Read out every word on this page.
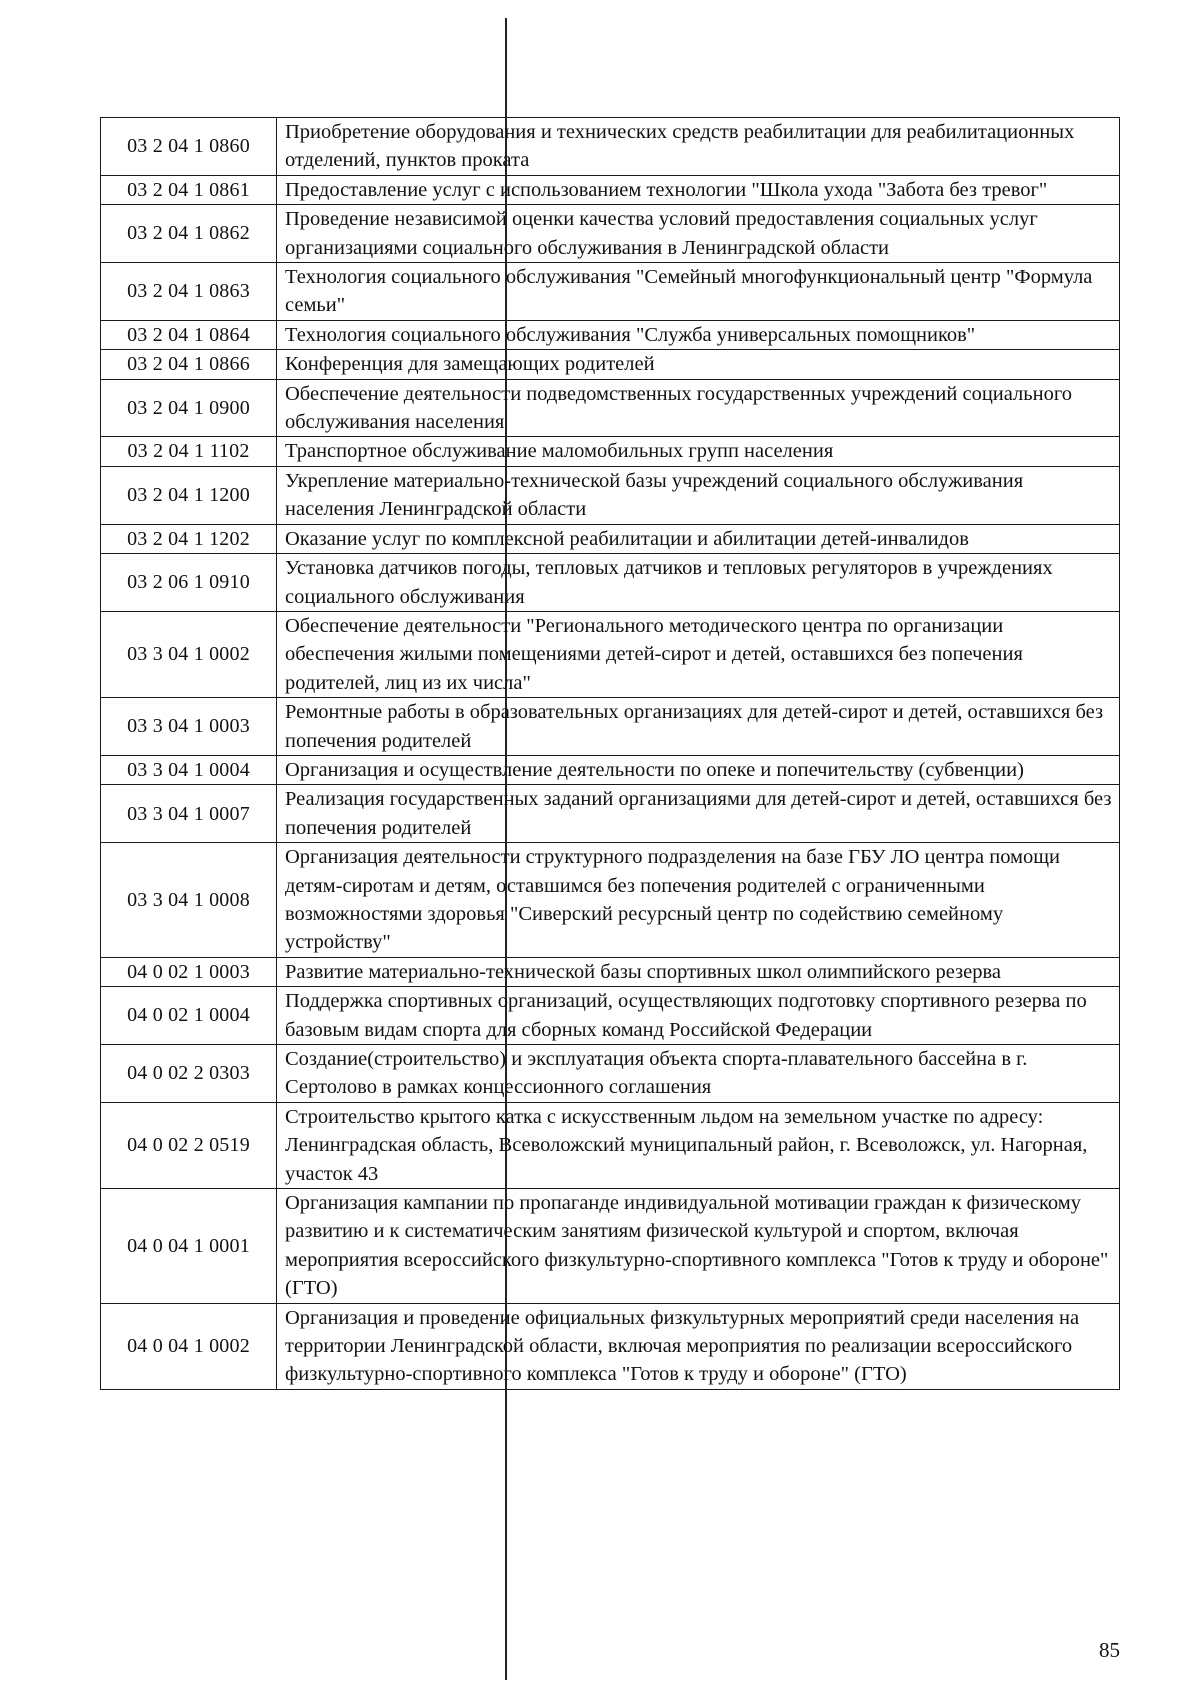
03 2 04 1 0860	Приобретение оборудования и технических средств реабилитации для реабилитационных отделений, пунктов проката
03 2 04 1 0861	Предоставление услуг с использованием технологии "Школа ухода "Забота без тревог"
03 2 04 1 0862	Проведение независимой оценки качества условий предоставления социальных услуг организациями социального обслуживания в Ленинградской области
03 2 04 1 0863	Технология социального обслуживания "Семейный многофункциональный центр "Формула семьи"
03 2 04 1 0864	Технология социального обслуживания "Служба универсальных помощников"
03 2 04 1 0866	Конференция для замещающих родителей
03 2 04 1 0900	Обеспечение деятельности подведомственных государственных учреждений социального обслуживания населения
03 2 04 1 1102	Транспортное обслуживание маломобильных групп населения
03 2 04 1 1200	Укрепление материально-технической базы учреждений социального обслуживания населения Ленинградской области
03 2 04 1 1202	Оказание услуг по комплексной реабилитации и абилитации детей-инвалидов
03 2 06 1 0910	Установка датчиков погоды, тепловых датчиков и тепловых регуляторов в учреждениях социального обслуживания
03 3 04 1 0002	Обеспечение деятельности "Регионального методического центра по организации обеспечения жилыми помещениями детей-сирот и детей, оставшихся без попечения родителей, лиц из их числа"
03 3 04 1 0003	Ремонтные работы в образовательных организациях для детей-сирот и детей, оставшихся без попечения родителей
03 3 04 1 0004	Организация и осуществление деятельности по опеке и попечительству (субвенции)
03 3 04 1 0007	Реализация государственных заданий организациями для детей-сирот и детей, оставшихся без попечения родителей
03 3 04 1 0008	Организация деятельности структурного подразделения на базе ГБУ ЛО центра помощи детям-сиротам и детям, оставшимся без попечения родителей с ограниченными возможностями здоровья "Сиверский ресурсный центр по содействию семейному устройству"
04 0 02 1 0003	Развитие материально-технической базы спортивных школ олимпийского резерва
04 0 02 1 0004	Поддержка спортивных организаций, осуществляющих подготовку спортивного резерва по базовым видам спорта для сборных команд Российской Федерации
04 0 02 2 0303	Создание(строительство) и эксплуатация объекта спорта-плавательного бассейна в г. Сертолово в рамках концессионного соглашения
04 0 02 2 0519	Строительство крытого катка с искусственным льдом на земельном участке по адресу: Ленинградская область, Всеволожский муниципальный район, г. Всеволожск, ул. Нагорная, участок 43
04 0 04 1 0001	Организация кампании по пропаганде индивидуальной мотивации граждан к физическому развитию и к систематическим занятиям физической культурой и спортом, включая мероприятия всероссийского физкультурно-спортивного комплекса "Готов к труду и обороне" (ГТО)
04 0 04 1 0002	Организация и проведение официальных физкультурных мероприятий среди населения на территории Ленинградской области, включая мероприятия по реализации всероссийского физкультурно-спортивного комплекса "Готов к труду и обороне" (ГТО)
85
